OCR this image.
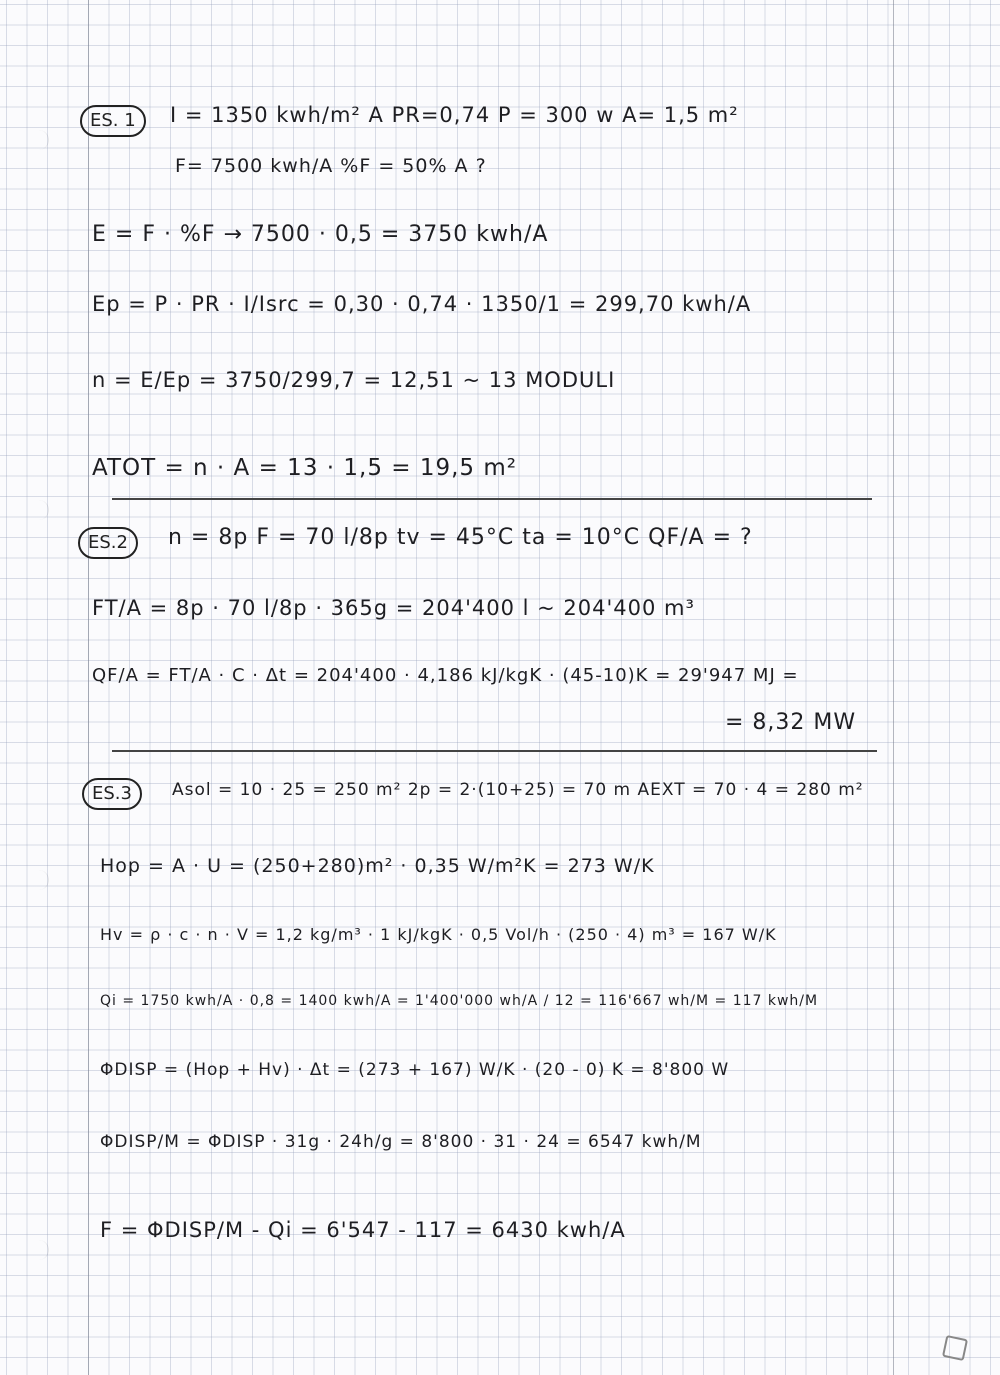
ES. 1	I = 1350 kwh/m² A PR=0,74 P = 300 w A= 1,5 m²
F= 7500 kwh/A %F = 50% A ?
E = F · %F → 7500 · 0,5 = 3750 kwh/A
Ep = P · PR · I/Isrc = 0,30 · 0,74 · 1350/1 = 299,70 kwh/A
n = E/Ep = 3750/299,7 = 12,51 ~ 13 MODULI
ATOT = n · A = 13 · 1,5 = 19,5 m²
ES.2	n = 8p F = 70 l/8p tv = 45°C ta = 10°C QF/A = ?
FT/A = 8p · 70 l/8p · 365g = 204'400 l ~ 204'400 m³
QF/A = FT/A · C · Δt = 204'400 · 4,186 kJ/kgK · (45-10)K = 29'947 MJ =
= 8,32 MW
ES.3	Asol = 10 · 25 = 250 m² 2p = 2·(10+25) = 70 m AEXT = 70 · 4 = 280 m²
Hop = A · U = (250+280)m² · 0,35 W/m²K = 273 W/K
Hv = ρ · c · n · V = 1,2 kg/m³ · 1 kJ/kgK · 0,5 Vol/h · (250 · 4) m³ = 167 W/K
Qi = 1750 kwh/A · 0,8 = 1400 kwh/A = 1'400'000 wh/A / 12 = 116'667 wh/M = 117 kwh/M
ΦDISP = (Hop + Hv) · Δt = (273 + 167) W/K · (20 - 0) K = 8'800 W
ΦDISP/M = ΦDISP · 31g · 24h/g = 8'800 · 31 · 24 = 6547 kwh/M
F = ΦDISP/M - Qi = 6'547 - 117 = 6430 kwh/A
